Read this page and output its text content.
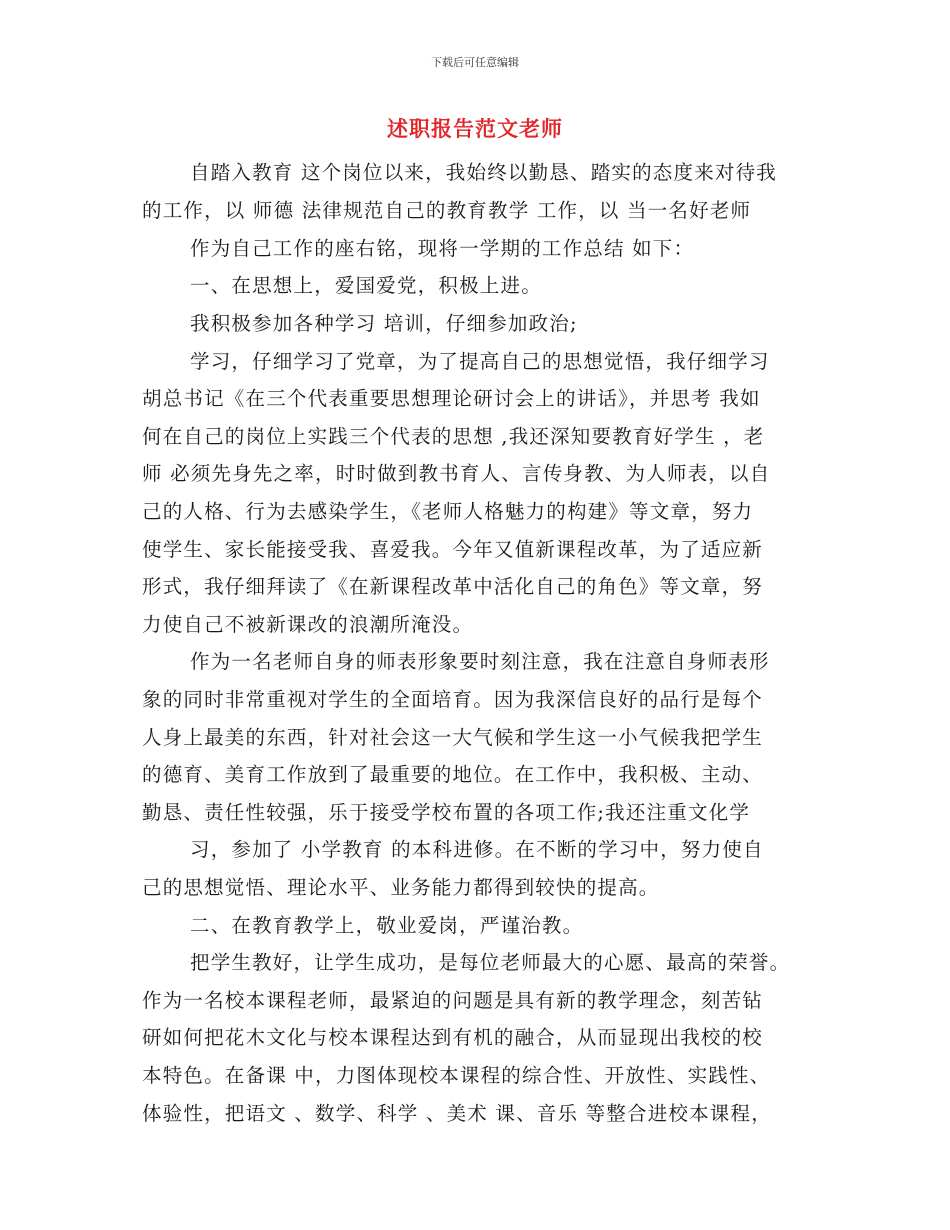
下载后可任意编辑
述职报告范文老师
自踏入教育 这个岗位以来，我始终以勤恳、踏实的态度来对待我
的工作，以 师德 法律规范自己的教育教学 工作，以 当一名好老师
作为自己工作的座右铭，现将一学期的工作总结 如下：
一、在思想上，爱国爱党，积极上进。
我积极参加各种学习 培训，仔细参加政治;
学习，仔细学习了党章，为了提高自己的思想觉悟，我仔细学习
胡总书记《在三个代表重要思想理论研讨会上的讲话》，并思考 我如
何在自己的岗位上实践三个代表的思想 ,我还深知要教育好学生 ，老
师 必须先身先之率，时时做到教书育人、言传身教、为人师表，以自
己的人格、行为去感染学生，《老师人格魅力的构建》等文章，努力
使学生、家长能接受我、喜爱我。今年又值新课程改革，为了适应新
形式，我仔细拜读了《在新课程改革中活化自己的角色》等文章，努
力使自己不被新课改的浪潮所淹没。
作为一名老师自身的师表形象要时刻注意，我在注意自身师表形
象的同时非常重视对学生的全面培育。因为我深信良好的品行是每个
人身上最美的东西，针对社会这一大气候和学生这一小气候我把学生
的德育、美育工作放到了最重要的地位。在工作中，我积极、主动、
勤恳、责任性较强，乐于接受学校布置的各项工作;我还注重文化学
习，参加了 小学教育 的本科进修。在不断的学习中，努力使自
己的思想觉悟、理论水平、业务能力都得到较快的提高。
二、在教育教学上，敬业爱岗，严谨治教。
把学生教好，让学生成功，是每位老师最大的心愿、最高的荣誉。
作为一名校本课程老师，最紧迫的问题是具有新的教学理念，刻苦钻
研如何把花木文化与校本课程达到有机的融合，从而显现出我校的校
本特色。在备课 中，力图体现校本课程的综合性、开放性、实践性、
体验性，把语文 、数学、科学 、美术 课、音乐 等整合进校本课程，
